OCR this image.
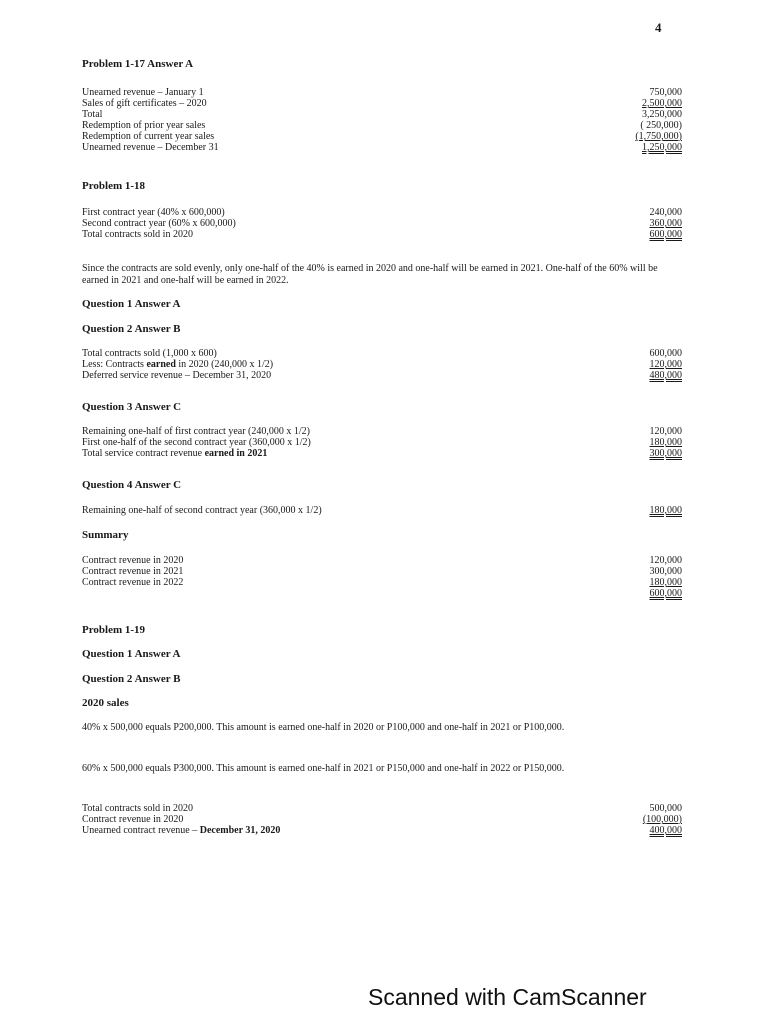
4
Problem 1-17 Answer A
Unearned revenue – January 1	750,000
Sales of gift certificates – 2020	2,500,000
Total	3,250,000
Redemption of prior year sales	( 250,000)
Redemption of current year sales	(1,750,000)
Unearned revenue – December 31	1,250,000
Problem 1-18
First contract year (40% x 600,000)	240,000
Second contract year (60% x 600,000)	360,000
Total contracts sold in 2020	600,000
Since the contracts are sold evenly, only one-half of the 40% is earned in 2020 and one-half will be earned in 2021. One-half of the 60% will be earned in 2021 and one-half will be earned in 2022.
Question 1 Answer A
Question 2 Answer B
Total contracts sold (1,000 x 600)	600,000
Less: Contracts earned in 2020 (240,000 x 1/2)	120,000
Deferred service revenue – December 31, 2020	480,000
Question 3 Answer C
Remaining one-half of first contract year (240,000 x 1/2)	120,000
First one-half of the second contract year (360,000 x 1/2)	180,000
Total service contract revenue earned in 2021	300,000
Question 4 Answer C
Remaining one-half of second contract year (360,000 x 1/2)	180,000
Summary
Contract revenue in 2020	120,000
Contract revenue in 2021	300,000
Contract revenue in 2022	180,000
600,000
Problem 1-19
Question 1 Answer A
Question 2 Answer B
2020 sales
40% x 500,000 equals P200,000. This amount is earned one-half in 2020 or P100,000 and one-half in 2021 or P100,000.
60% x 500,000 equals P300,000. This amount is earned one-half in 2021 or P150,000 and one-half in 2022 or P150,000.
Total contracts sold in 2020	500,000
Contract revenue in 2020	(100,000)
Unearned contract revenue – December 31, 2020	400,000
Scanned with CamScanner
